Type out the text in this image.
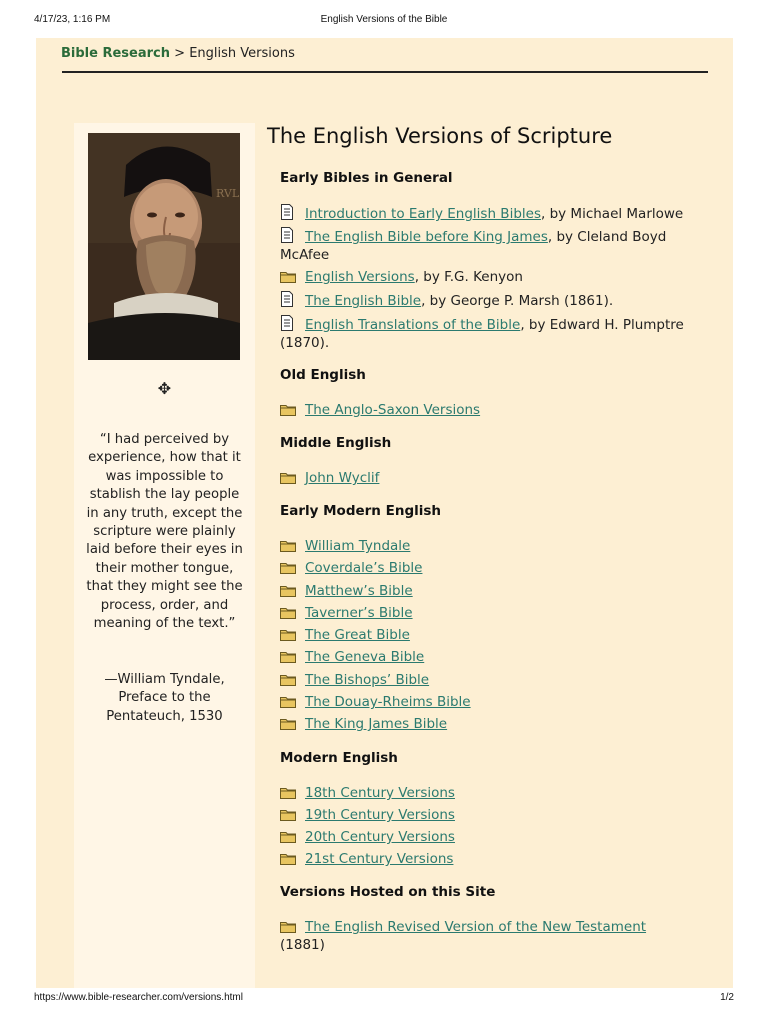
4/17/23, 1:16 PM	English Versions of the Bible
Bible Research > English Versions
RVL
✥
“I had perceived by experience, how that it was impossible to stablish the lay people in any truth, except the scripture were plainly laid before their eyes in their mother tongue, that they might see the process, order, and meaning of the text.”
—William Tyndale, Preface to the Pentateuch, 1530
The English Versions of Scripture
Early Bibles in General
Introduction to Early English Bibles, by Michael Marlowe
The English Bible before King James, by Cleland Boyd McAfee
English Versions, by F.G. Kenyon
The English Bible, by George P. Marsh (1861).
English Translations of the Bible, by Edward H. Plumptre (1870).
Old English
The Anglo-Saxon Versions
Middle English
John Wyclif
Early Modern English
William Tyndale
Coverdale’s Bible
Matthew’s Bible
Taverner’s Bible
The Great Bible
The Geneva Bible
The Bishops’ Bible
The Douay-Rheims Bible
The King James Bible
Modern English
18th Century Versions
19th Century Versions
20th Century Versions
21st Century Versions
Versions Hosted on this Site
The English Revised Version of the New Testament (1881)
https://www.bible-researcher.com/versions.html	1/2
